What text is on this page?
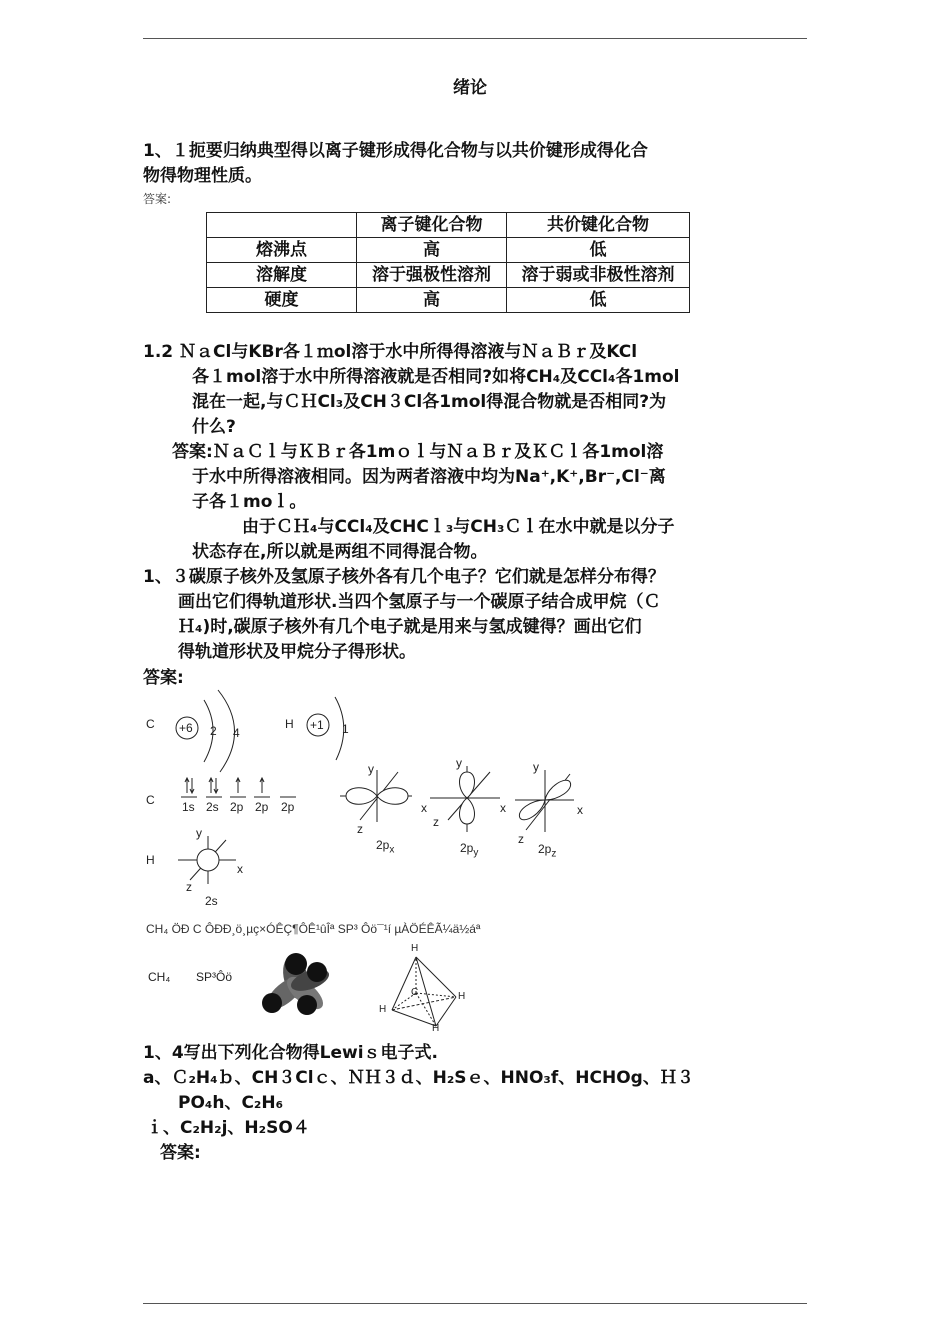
绪论
1、１扼要归纳典型得以离子键形成得化合物与以共价键形成得化合
物得物理性质。
答案:
	离子键化合物	共价键化合物
熔沸点	高	低
溶解度	溶于强极性溶剂	溶于弱或非极性溶剂
硬度	高	低
1.2 ＮａCl与KBr各１ｍol溶于水中所得得溶液与ＮａＢｒ及KCl
各１mol溶于水中所得溶液就是否相同?如将CH₄及CCl₄各1mol
混在一起,与ＣＨCl₃及CH３Cl各1mol得混合物就是否相同?为
什么?
答案:ＮａＣｌ与ＫＢｒ各1mｏｌ与ＮａＢｒ及ＫＣｌ各1mol溶
于水中所得溶液相同。因为两者溶液中均为Na⁺,K⁺,Br⁻,Cl⁻离
子各１moｌ。
由于ＣＨ₄与CCl₄及CHCｌ₃与CH₃Ｃｌ在水中就是以分子
状态存在,所以就是两组不同得混合物。
1、３碳原子核外及氢原子核外各有几个电子？它们就是怎样分布得？
画出它们得轨道形状.当四个氢原子与一个碳原子结合成甲烷（Ｃ
Ｈ₄)时,碳原子核外有几个电子就是用来与氢成键得？画出它们
得轨道形状及甲烷分子得形状。
答案:
C +6 2 4
H +1 1
C 1s 2s 2p 2p 2p
y
x
z
$2p_x$
y
x
z
$2p_y$
y
x
z
$2p_z$
H
y
x
z
2s
CH₄ ÖÐ C ÔÐÐ¸ö¸µç×ÓÊÇ¶ÔÊ¹ûÎª SP³ Ôö¯¹í µÀÖÉÊÃ¼ä½áª
CH₄ SP³Ôö
H
C	H
H
H
1、4写出下列化合物得Lewiｓ电子式.
a、Ｃ₂H₄ｂ、CH３Clｃ、ＮＨ３ｄ、H₂Sｅ、HNO₃f、HCHOg、Ｈ３
PO₄h、C₂H₆
ｉ、C₂H₂j、H₂SO４
答案:
